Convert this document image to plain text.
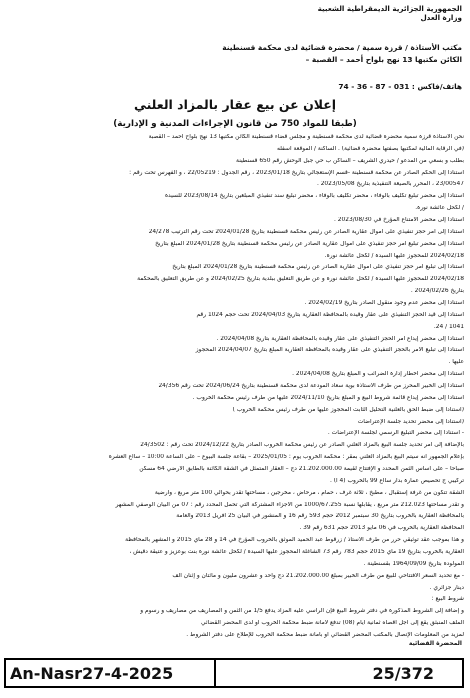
الجمهورية الجزائرية الديمقراطية الشعبية
وزارة العدل
مكتب الأستاذة / قرزة سمية / محضرة قضائية لدى محكمة قسنطينة
الكائن مكتبها 13 نهج بلواح أحمد – القصبة –
هاتف/فاكس : 031 - 87 - 36 - 74
إعلان عن بيع عقار بالمزاد العلني
(طبقا للمواد 750 من قانون الإجراءات المدنية و الإدارية)
نحن الأستاذة قرزة سمية محضرة قضائية لدى محكمة قسنطينة و مجلس قضاء قسنطينة الكائن مكتبها 13 نهج بلواح أحمد – القصبة
(في الرقابة المالية لمكتبها بصفتها محضرة قضائية) . الساكنة / الموقعة أسفله
بطلب و بسعي من المدعو / حيدري الشريف – الساكن ب حي جبل الوحش رقم 650 قسنطينة
استنادا إلى الحكم الصادر عن محكمة قسنطينة -قسم الإستعجالي بتاريخ 2023/01/18 ، رقم الجدول : 22/05219 ، و الفهرس تحت رقم :
23/00547 ، المحرر بالصيغة التنفيذية بتاريخ 2023/05/08 .
استنادا إلى محضر تبليغ تكليف بالوفاء ، محضر تكليف بالوفاء ، محضر تبليغ سند تنفيذي المبلغين بتاريخ 2023/08/14 للسيدة
/ لكحل عائشة نورة.
استنادا إلى محضر الامتناع المؤرخ في 2023/08/30 .
استنادا إلى أمر حجز تنفيذي على أموال عقارية الصادر عن رئيس محكمة قسنطينة بتاريخ 2024/01/28 تحت رقم الترتيب 24/278
استنادا إلى محضر تبليغ أمر حجز تنفيذي على أموال عقارية الصادر عن رئيس محكمة قسنطينة بتاريخ 2024/01/28 المبلغ بتاريخ
2024/02/18 للمحجوز عليها السيدة / لكحل عائشة نورة.
استنادا إلى تبليغ أمر حجز تنفيذي على أموال عقارية الصادر عن رئيس محكمة قسنطينة بتاريخ 2024/01/28 المبلغ بتاريخ
2024/02/18 للمحجوز عليها السيدة / لكحل عائشة نورة و عن طريق التعليق ببلدية بتاريخ 2024/02/25 و عن طريق التعليق بالمحكمة
بتاريخ 2024/02/26 .
استنادا إلى محضر عدم وجود منقول الصادر بتاريخ 2024/02/19 .
استنادا إلى قيد الحجز التنفيذي على عقار وقيده بالمحافظة العقارية بتاريخ 2024/04/03 تحت حجم 1024 رقم
1041 / 24.
استنادا إلى محضر إيداع أمر الحجز التنفيذي على عقار وقيده بالمحافظة العقارية بتاريخ 2024/04/08 .
استنادا إلى تبليغ الأمر بالحجز التنفيذي على عقار وقيده بالمحافظة العقارية المبلغ بتاريخ 2024/04/07 المحجوز
عليها .
استنادا إلى محضر اخطار إدارة الضرائب و المبلغ بتاريخ 2024/04/08 .
استنادا إلى الخبير المحرز من طرف الأستاذة بوية سعاد المودعة لدى محكمة قسنطينة بتاريخ 2024/06/24 تحت رقم 24/356
استنادا إلى محضر إيداع قائمة شروط البيع و المبلغ بتاريخ 2024/11/10 عليها من طرف رئيس محكمة الخروب .
(استنادا إلى ضبط الحق بالعلنية التحليل الثابت المحجوز عليها من طرف رئيس محكمة الخروب )
(استنادا إلى محضر تحديد جلسة الإعتراضات
- استنادا إلى محضر التبليغ الرسمي لجلسة الإعتراضات .
بالإضافة إلى أمر تحديد جلسة البيع بالمزاد العلني الصادر عن رئيس محكمة الخروب الصادر بتاريخ 2024/12/22 تحت رقم : 24/3502
بإعلام الجمهور أنه سيتم البيع بالمزاد العلني بمقر : محكمة الخروب يوم : 2025/01/05 – بقاعة جلسة البيوع – على الساعة 10:00 – سااع العشرة
صباحا – على أساس الثمن المحدد و الإفتتاح لقيمة 21.202.000.00 دج – العقار المتمثل في الشقة الكائنة بالطابق الأرضي 64 مسكن
تركيبي ج تحصيص عمارة بدار سااع 99 بالخروب (4 أ) .
الشقة تتكون من غرفة إستقبال ، مطبخ ، ثلاثة غرف ، حمام ، مرحاض ، مخرجين ، مساحتها تقدر بحوالي 100 متر مربع ، وأرضية
و تقدر مساحتها 212.023 متر مربع ، يقابلها نسبة 1000/67.255 من الأجزاء المشتركة التي تحمل المحدد رقم : 07 من البيان الوصفي المشهر
بالمحافظة العقارية بالخروب بتاريخ 30 سبتمبر 2012 حجم 593 رقم 16 و المنشور في البيان 25 أفريل 2013 والعامة
المحافظة العقارية بالخروب في 06 مايو 2013 حجم 631 رقم 39 .
و هذا بموجب عقد توثيقي حرر من طرف الأستاذ / زرقوط عبد الحميد الموثق بالخروب المؤرخ في 14 و 28 ماي 2015 و المشهر بالمحافظة
العقارية بالخروب بتاريخ 19 ماي 2015 حجم 783 رقم 73 الشاغلة المحجوز عليها السيدة / لكحل عائشة نورة بنت بوعزيز و عتيقة دقيش ،
المولودة بتاريخ 1964/09/09 بقسنطينة .
- مع تحديد السعر الافتتاحي للبيع من طرف الخبير بمبلغ 21.202.000.00 دج واحد و عشرون مليون و مائتان و إثنان ألف
دينار جزائري .
شروط البيع :
و إضافة إلى الشروط المذكورة في دفتر شروط البيع فإن الراسي عليه المزاد يدفع 1/5 من الثمن و المصاريف من مصاريف و رسوم و
الملف المنبثق يقع إلى آجل أقصاه ثمانية أيام (08) تدفع لأمانة ضبط محكمة الخروب أو لدى المحضر القضائي
لمزيد من المعلومات الإتصال بالمكتب المحضر القضائي أو بأمانة ضبط محكمة الخروب للإطلاع على دفتر الشروط .
المحضرة القضائية
An-Nasr27-4-2025	25/372
